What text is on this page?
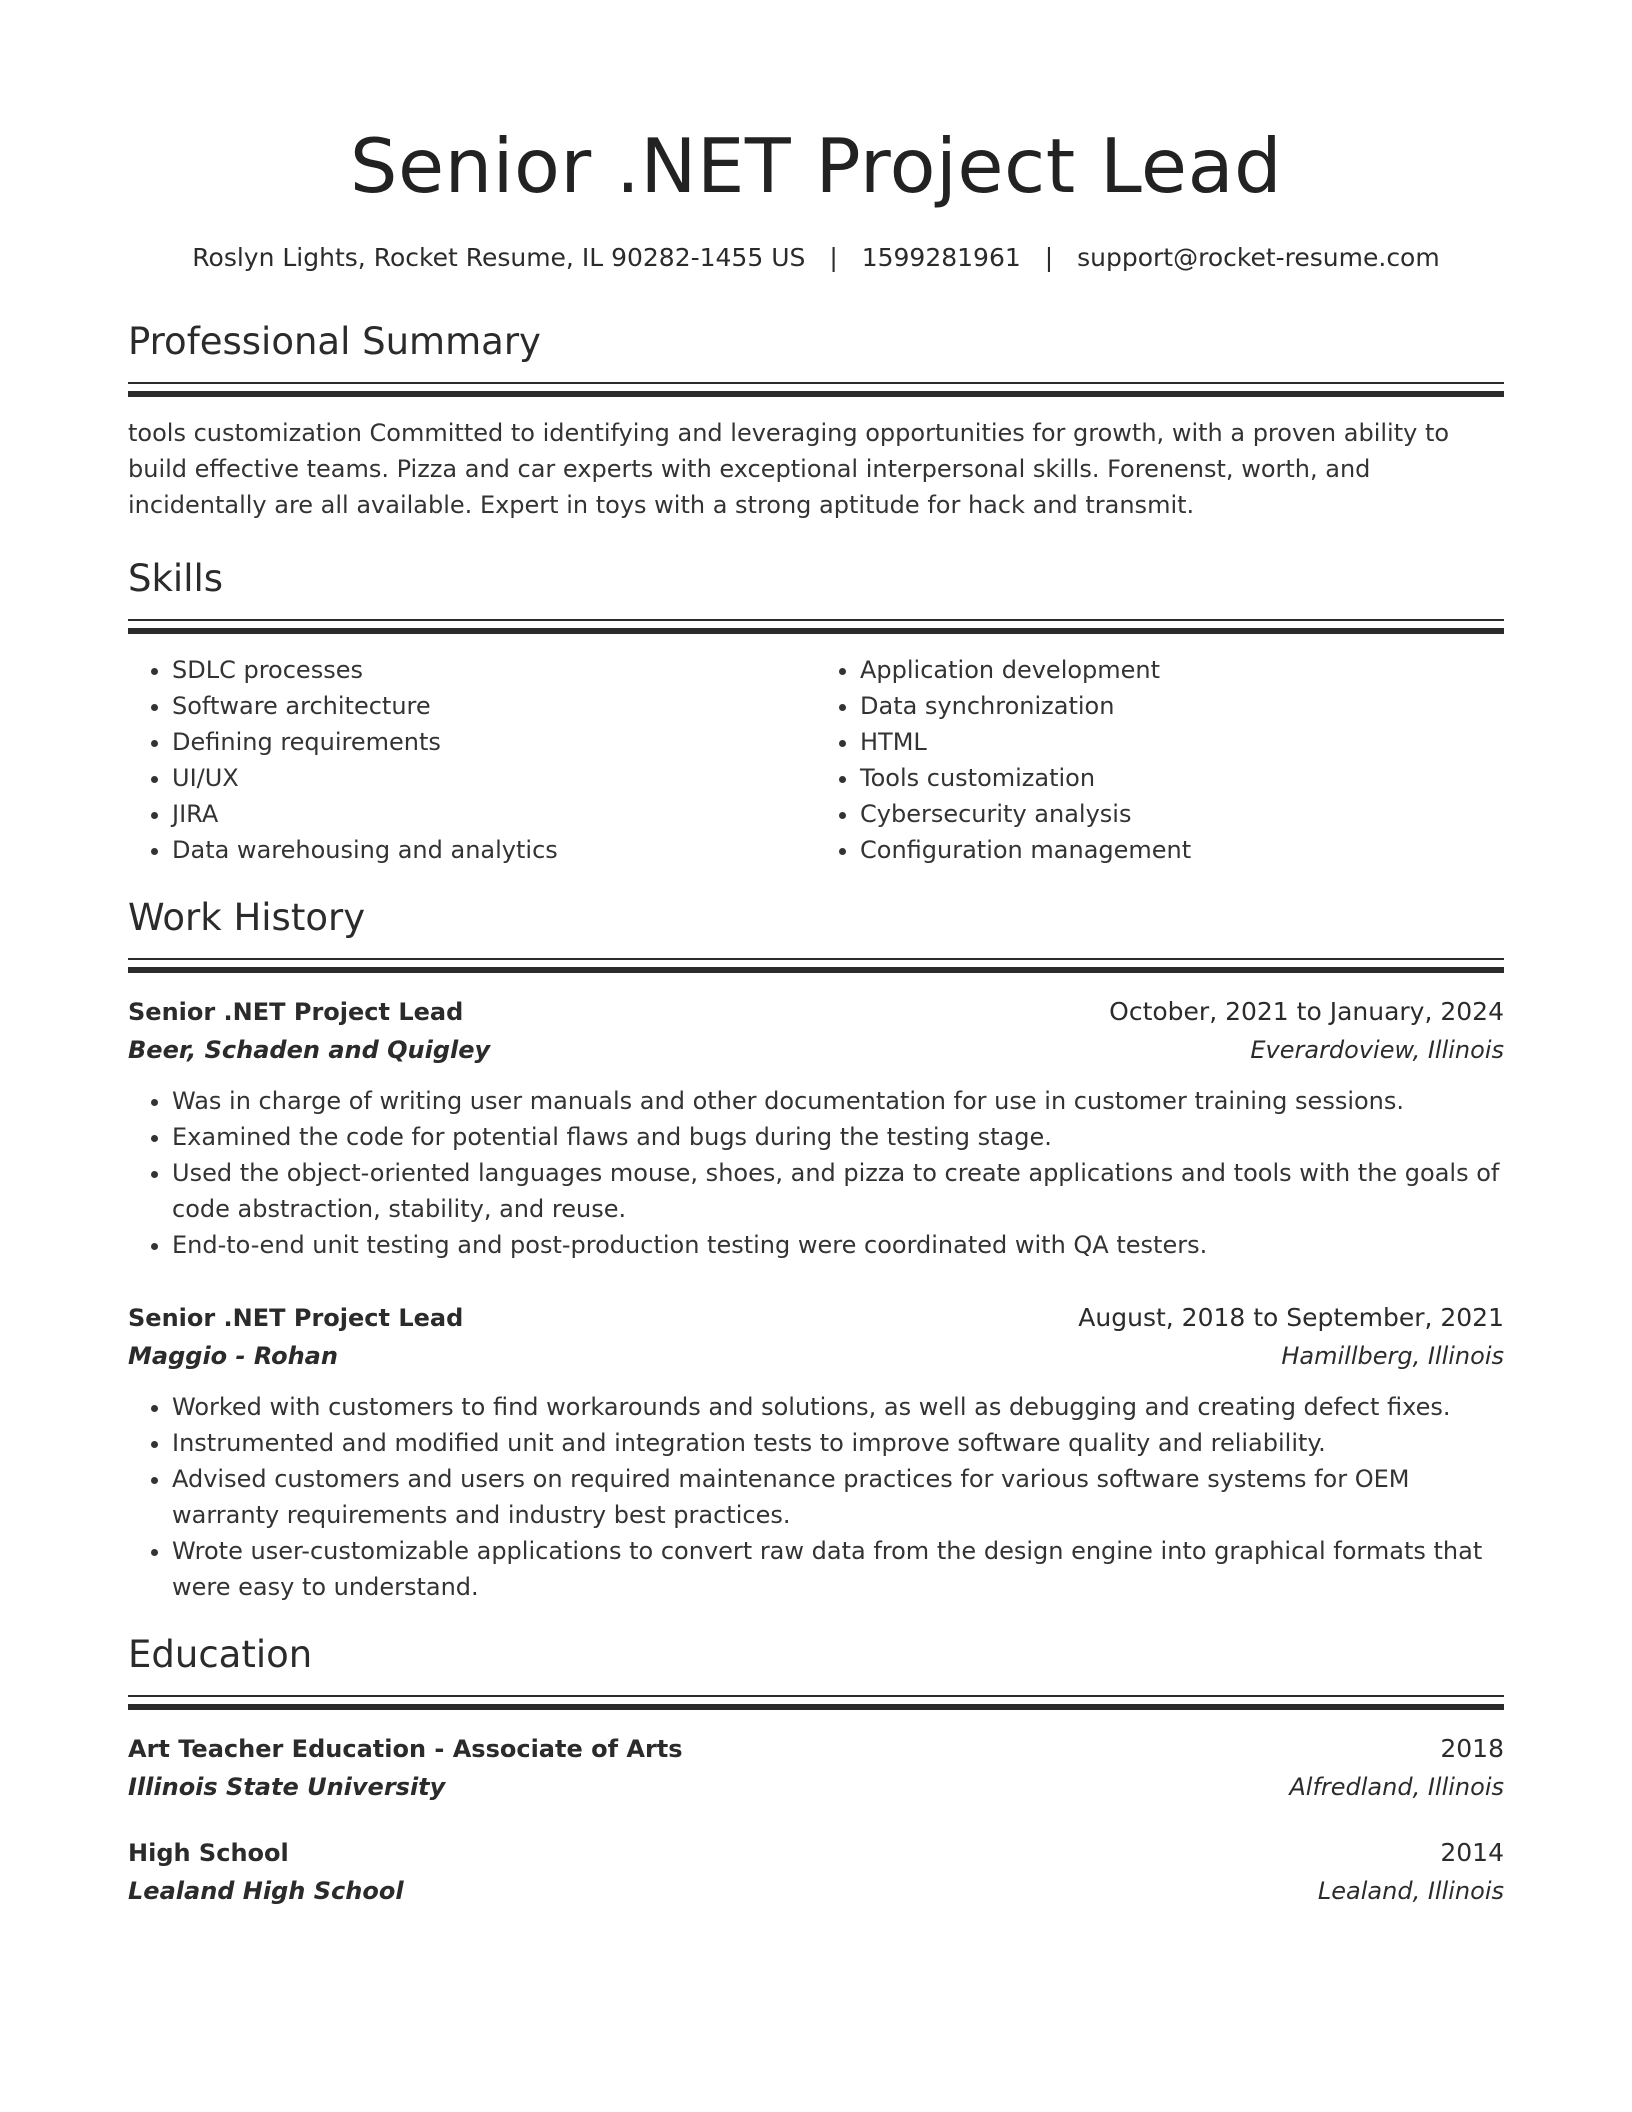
Senior .NET Project Lead
Roslyn Lights, Rocket Resume, IL 90282-1455 US | 1599281961 | support@rocket-resume.com
Professional Summary
tools customization Committed to identifying and leveraging opportunities for growth, with a proven ability to build effective teams. Pizza and car experts with exceptional interpersonal skills. Forenenst, worth, and incidentally are all available. Expert in toys with a strong aptitude for hack and transmit.
Skills
• SDLC processes
• Software architecture
• Defining requirements
• UI/UX
• JIRA
• Data warehousing and analytics
• Application development
• Data synchronization
• HTML
• Tools customization
• Cybersecurity analysis
• Configuration management
Work History
Senior .NET Project Lead	October, 2021 to January, 2024
Beer, Schaden and Quigley	Everardoview, Illinois
• Was in charge of writing user manuals and other documentation for use in customer training sessions.
• Examined the code for potential flaws and bugs during the testing stage.
• Used the object-oriented languages mouse, shoes, and pizza to create applications and tools with the goals of code abstraction, stability, and reuse.
• End-to-end unit testing and post-production testing were coordinated with QA testers.
Senior .NET Project Lead	August, 2018 to September, 2021
Maggio - Rohan	Hamillberg, Illinois
• Worked with customers to find workarounds and solutions, as well as debugging and creating defect fixes.
• Instrumented and modified unit and integration tests to improve software quality and reliability.
• Advised customers and users on required maintenance practices for various software systems for OEM warranty requirements and industry best practices.
• Wrote user-customizable applications to convert raw data from the design engine into graphical formats that were easy to understand.
Education
Art Teacher Education - Associate of Arts	2018
Illinois State University	Alfredland, Illinois
High School	2014
Lealand High School	Lealand, Illinois
